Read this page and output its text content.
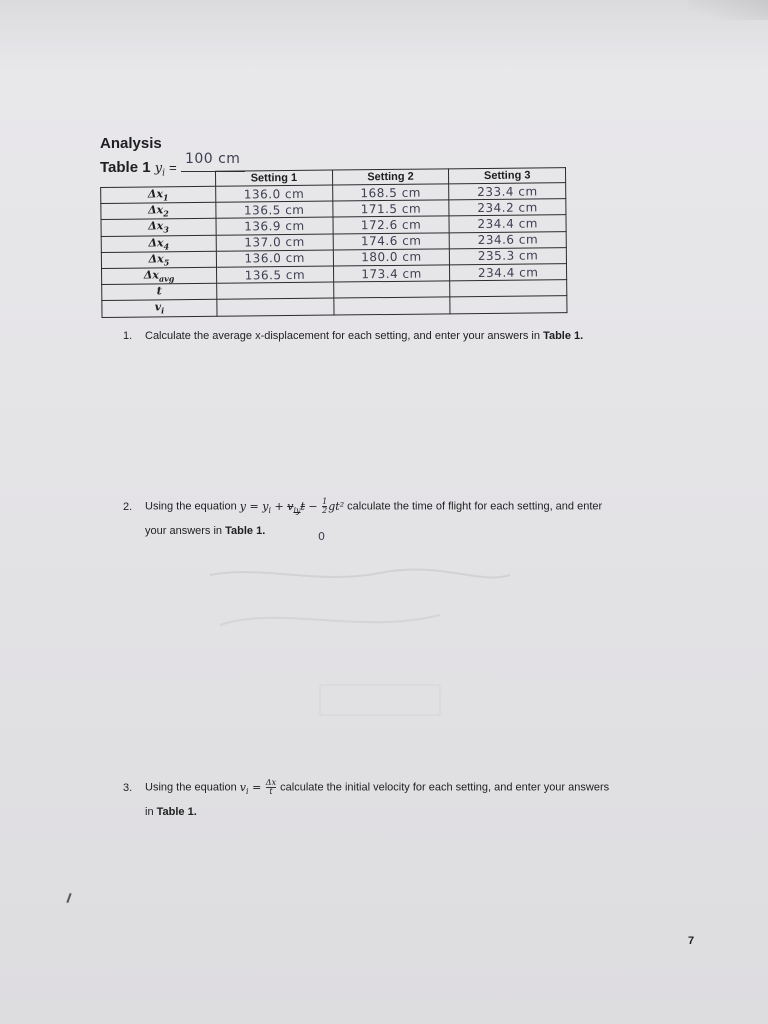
Analysis
Table 1 $y_i$ =
100 cm
	Setting 1	Setting 2	Setting 3
$\Delta x_1$	136.0 cm	168.5 cm	233.4 cm
$\Delta x_2$	136.5 cm	171.5 cm	234.2 cm
$\Delta x_3$	136.9 cm	172.6 cm	234.4 cm
$\Delta x_4$	137.0 cm	174.6 cm	234.6 cm
$\Delta x_5$	136.0 cm	180.0 cm	235.3 cm
$\Delta x_{avg}$	136.5 cm	173.4 cm	234.4 cm
t			
$v_i$			
1. Calculate the average x-displacement for each setting, and enter your answers in Table 1.
2. Using the equation $y = y_i + v_{iy}t - \frac{1}{2} gt^2$ calculate the time of flight for each setting, and enter
your answers in Table 1.	0
3. Using the equation $v_i = \frac{\Delta x}{t}$ calculate the initial velocity for each setting, and enter your answers
in Table 1.
7
